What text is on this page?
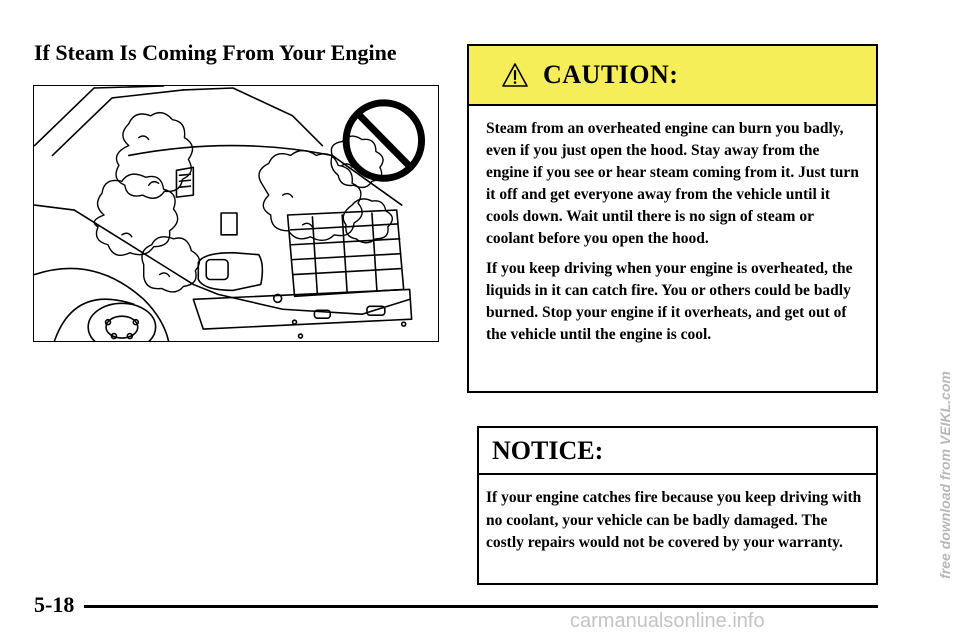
If Steam Is Coming From Your Engine
CAUTION:

Steam from an overheated engine can burn you badly, even if you just open the hood. Stay away from the engine if you see or hear steam coming from it. Just turn it off and get everyone away from the vehicle until it cools down. Wait until there is no sign of steam or coolant before you open the hood.

If you keep driving when your engine is overheated, the liquids in it can catch fire. You or others could be badly burned. Stop your engine if it overheats, and get out of the vehicle until the engine is cool.

NOTICE:

If your engine catches fire because you keep driving with no coolant, your vehicle can be badly damaged. The costly repairs would not be covered by your warranty.

5-18
free download from VEIKL.com
carmanualsonline.info
